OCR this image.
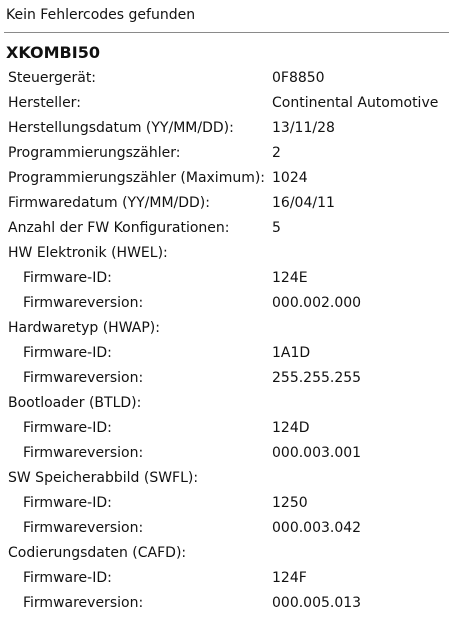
Kein Fehlercodes gefunden
XKOMBI50
Steuergerät:	0F8850
Hersteller:	Continental Automotive
Herstellungsdatum (YY/MM/DD):	13/11/28
Programmierungszähler:	2
Programmierungszähler (Maximum): 1024
Firmwaredatum (YY/MM/DD):	16/04/11
Anzahl der FW Konfigurationen:	5
HW Elektronik (HWEL):
Firmware-ID:	124E
Firmwareversion:	000.002.000
Hardwaretyp (HWAP):
Firmware-ID:	1A1D
Firmwareversion:	255.255.255
Bootloader (BTLD):
Firmware-ID:	124D
Firmwareversion:	000.003.001
SW Speicherabbild (SWFL):
Firmware-ID:	1250
Firmwareversion:	000.003.042
Codierungsdaten (CAFD):
Firmware-ID:	124F
Firmwareversion:	000.005.013
